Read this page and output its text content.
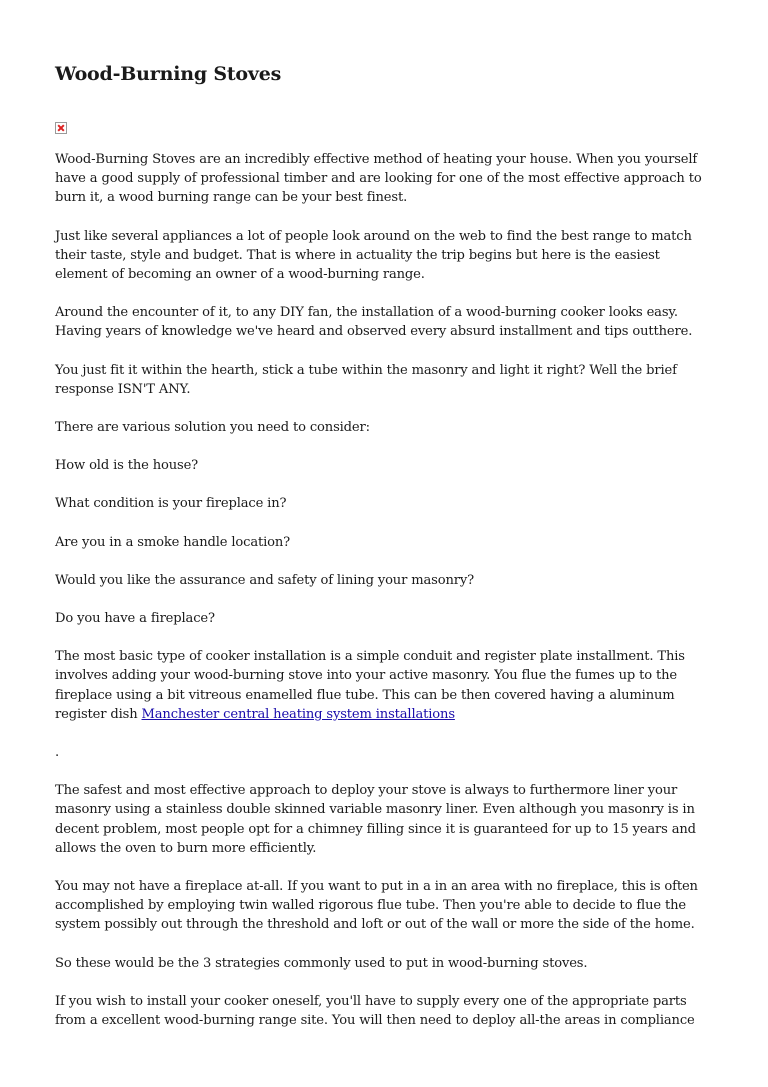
Wood-Burning Stoves

Wood-Burning Stoves are an incredibly effective method of heating your house. When you yourself have a good supply of professional timber and are looking for one of the most effective approach to burn it, a wood burning range can be your best finest.

Just like several appliances a lot of people look around on the web to find the best range to match their taste, style and budget. That is where in actuality the trip begins but here is the easiest element of becoming an owner of a wood-burning range.

Around the encounter of it, to any DIY fan, the installation of a wood-burning cooker looks easy. Having years of knowledge we've heard and observed every absurd installment and tips outthere.

You just fit it within the hearth, stick a tube within the masonry and light it right? Well the brief response ISN'T ANY.

There are various solution you need to consider:

How old is the house?

What condition is your fireplace in?

Are you in a smoke handle location?

Would you like the assurance and safety of lining your masonry?

Do you have a fireplace?

The most basic type of cooker installation is a simple conduit and register plate installment. This involves adding your wood-burning stove into your active masonry. You flue the fumes up to the fireplace using a bit vitreous enamelled flue tube. This can be then covered having a aluminum register dish Manchester central heating system installations

.

The safest and most effective approach to deploy your stove is always to furthermore liner your masonry using a stainless double skinned variable masonry liner. Even although you masonry is in decent problem, most people opt for a chimney filling since it is guaranteed for up to 15 years and allows the oven to burn more efficiently.

You may not have a fireplace at-all. If you want to put in a in an area with no fireplace, this is often accomplished by employing twin walled rigorous flue tube. Then you're able to decide to flue the system possibly out through the threshold and loft or out of the wall or more the side of the home.

So these would be the 3 strategies commonly used to put in wood-burning stoves.

If you wish to install your cooker oneself, you'll have to supply every one of the appropriate parts from a excellent wood-burning range site. You will then need to deploy all-the areas in compliance
